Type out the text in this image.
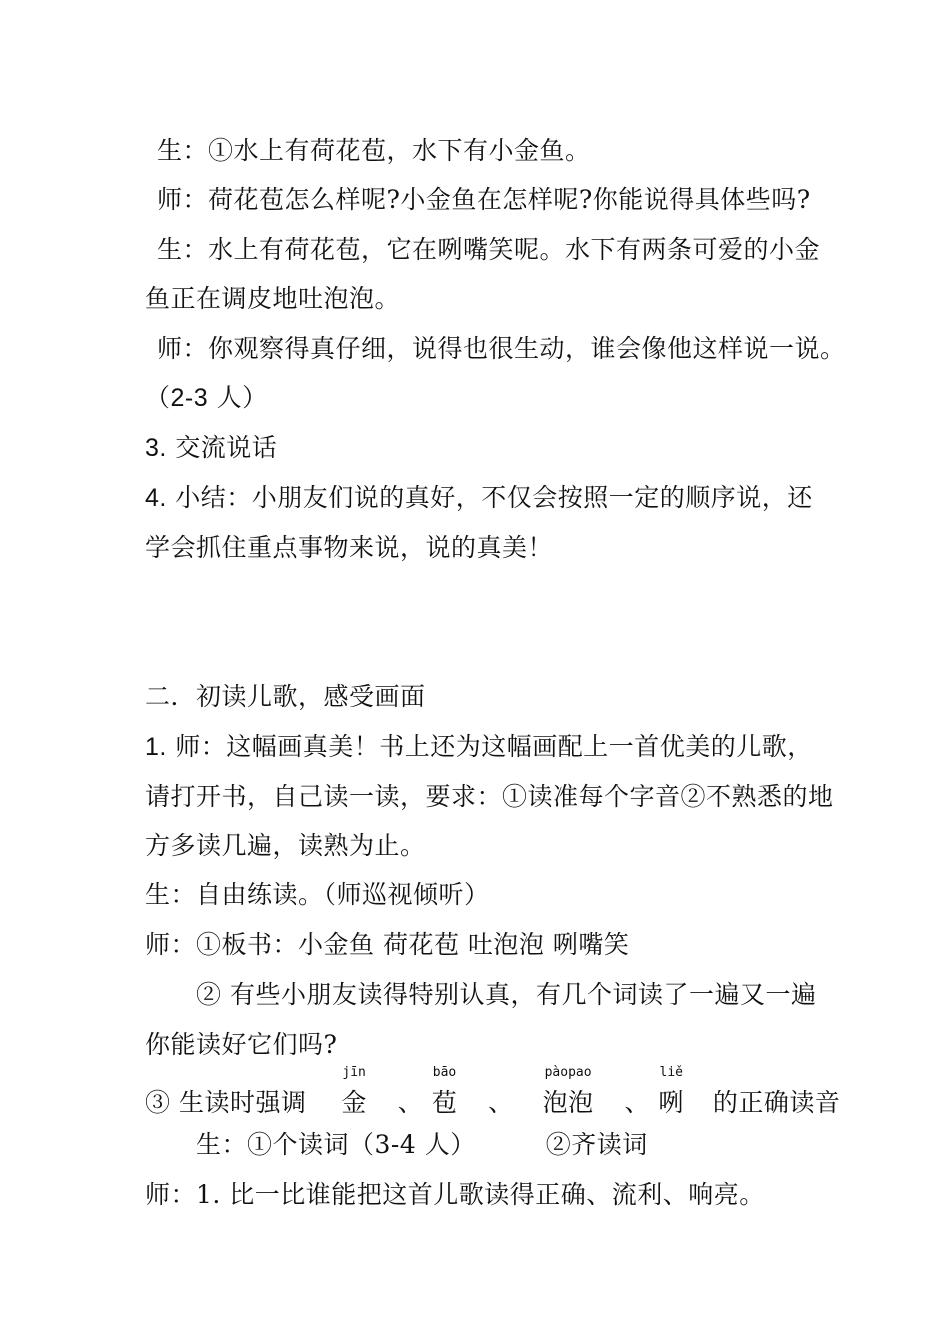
生：①水上有荷花苞，水下有小金鱼。
师：荷花苞怎么样呢?小金鱼在怎样呢?你能说得具体些吗?
生：水上有荷花苞，它在咧嘴笑呢。水下有两条可爱的小金
鱼正在调皮地吐泡泡。
师：你观察得真仔细，说得也很生动，谁会像他这样说一说。
（2-3 人）
3. 交流说话
4. 小结：小朋友们说的真好，不仅会按照一定的顺序说，还
学会抓住重点事物来说，说的真美！
二．初读儿歌，感受画面
1. 师：这幅画真美！书上还为这幅画配上一首优美的儿歌，
请打开书，自己读一读，要求：①读准每个字音②不熟悉的地
方多读几遍，读熟为止。
生：自由练读。（师巡视倾听）
师：①板书：小金鱼 荷花苞 吐泡泡 咧嘴笑
② 有些小朋友读得特别认真，有几个词读了一遍又一遍
你能读好它们吗?
③ 生读时强调
jīn
金 、
bāo
苞 、
pàopao
泡泡 、
liě
咧 的正确读音
生：①个读词（3-4 人）	②齐读词
师：1. 比一比谁能把这首儿歌读得正确、流利、响亮。
